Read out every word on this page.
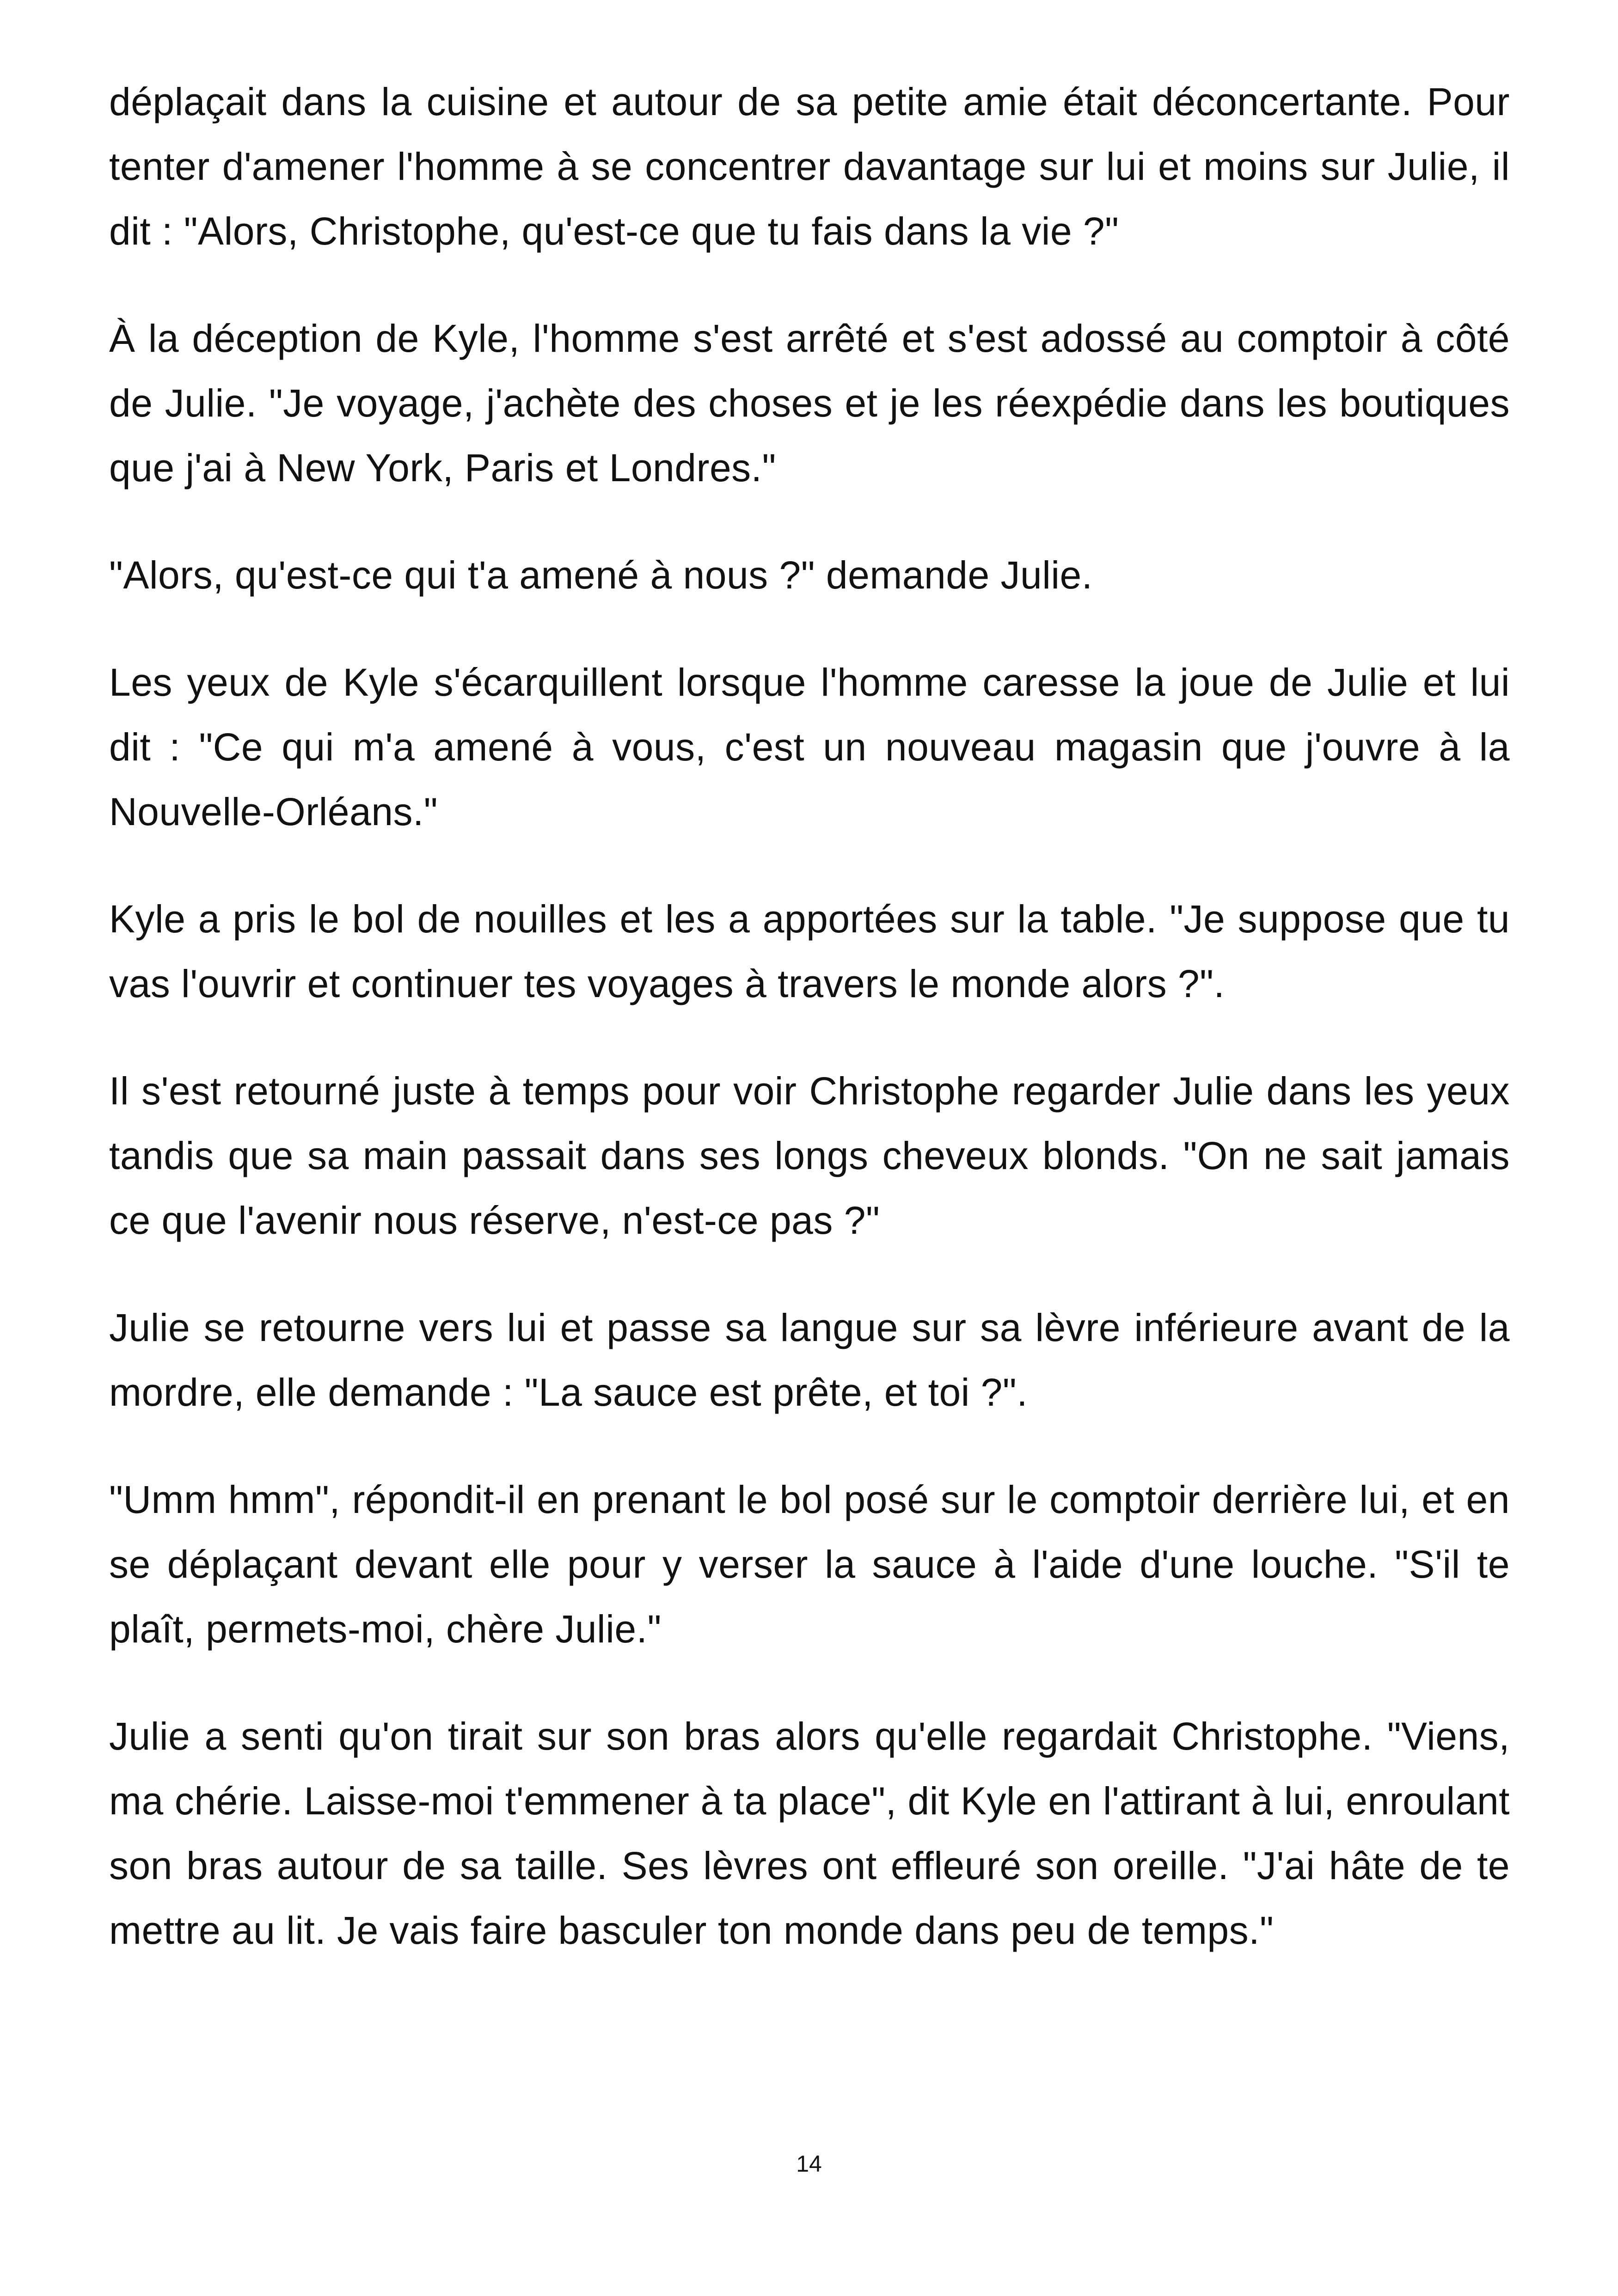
déplaçait dans la cuisine et autour de sa petite amie était déconcertante. Pour tenter d'amener l'homme à se concentrer davantage sur lui et moins sur Julie, il dit : "Alors, Christophe, qu'est-ce que tu fais dans la vie ?"

À la déception de Kyle, l'homme s'est arrêté et s'est adossé au comptoir à côté de Julie. "Je voyage, j'achète des choses et je les réexpédie dans les boutiques que j'ai à New York, Paris et Londres."

"Alors, qu'est-ce qui t'a amené à nous ?" demande Julie.

Les yeux de Kyle s'écarquillent lorsque l'homme caresse la joue de Julie et lui dit : "Ce qui m'a amené à vous, c'est un nouveau magasin que j'ouvre à la Nouvelle-Orléans."

Kyle a pris le bol de nouilles et les a apportées sur la table. "Je suppose que tu vas l'ouvrir et continuer tes voyages à travers le monde alors ?".

Il s'est retourné juste à temps pour voir Christophe regarder Julie dans les yeux tandis que sa main passait dans ses longs cheveux blonds. "On ne sait jamais ce que l'avenir nous réserve, n'est-ce pas ?"

Julie se retourne vers lui et passe sa langue sur sa lèvre inférieure avant de la mordre, elle demande : "La sauce est prête, et toi ?".

"Umm hmm", répondit-il en prenant le bol posé sur le comptoir derrière lui, et en se déplaçant devant elle pour y verser la sauce à l'aide d'une louche. "S'il te plaît, permets-moi, chère Julie."

Julie a senti qu'on tirait sur son bras alors qu'elle regardait Christophe. "Viens, ma chérie. Laisse-moi t'emmener à ta place", dit Kyle en l'attirant à lui, enroulant son bras autour de sa taille. Ses lèvres ont effleuré son oreille. "J'ai hâte de te mettre au lit. Je vais faire basculer ton monde dans peu de temps."

14
